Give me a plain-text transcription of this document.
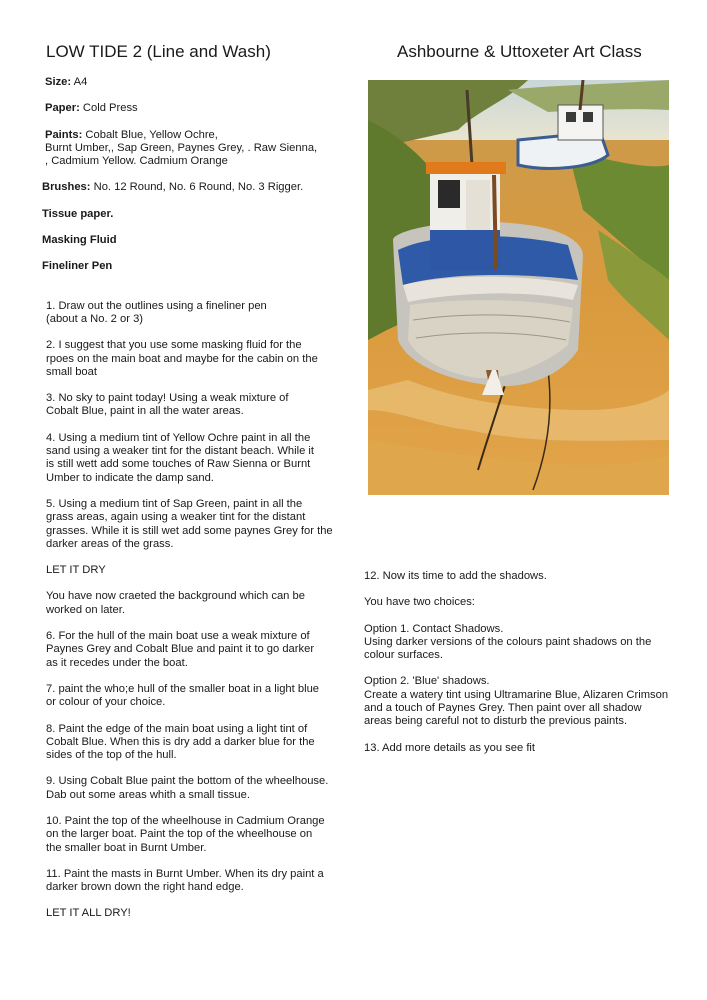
LOW TIDE 2 (Line and Wash)	Ashbourne & Uttoxeter Art Class
Size: A4
Paper: Cold Press
Paints: Cobalt Blue, Yellow Ochre,
Burnt Umber,, Sap Green, Paynes Grey, . Raw Sienna,
, Cadmium Yellow. Cadmium Orange
Brushes: No. 12 Round, No. 6 Round, No. 3 Rigger.
Tissue paper.
Masking Fluid
Fineliner Pen
1. Draw out the outlines using a fineliner pen
(about a No. 2 or 3)
2. I suggest that you use some masking fluid for the
rpoes on the main boat and maybe for the cabin on the
small boat
3. No sky to paint today! Using a weak mixture of
Cobalt Blue, paint in all the water areas.
4. Using a medium tint of Yellow Ochre paint in all the
sand using a weaker tint for the distant beach. While it
is still wett add some touches of Raw Sienna or Burnt
Umber to indicate the damp sand.
5. Using a medium tint of Sap Green, paint in all the
grass areas, again using a weaker tint for the distant
grasses. While it is still wet add some paynes Grey for the
darker areas of the grass.
LET IT DRY
You have now craeted the background which can be
worked on later.
6. For the hull of the main boat use a weak mixture of
Paynes Grey and Cobalt Blue and paint it to go darker
as it recedes under the boat.
7. paint the who;e hull of the smaller boat in a light blue
or colour of your choice.
8. Paint the edge of the main boat using a light tint of
Cobalt Blue. When this is dry add a darker blue for the
sides of the top of the hull.
9. Using Cobalt Blue paint the bottom of the wheelhouse.
Dab out some areas whith a small tissue.
10. Paint the top of the wheelhouse in Cadmium Orange
on the larger boat. Paint the top of the wheelhouse on
the smaller boat in Burnt Umber.
11. Paint the masts in Burnt Umber. When its dry paint a
darker brown down the right hand edge.
LET IT ALL DRY!
12. Now its time to add the shadows.
You have two choices:
Option 1. Contact Shadows.
Using darker versions of the colours paint shadows on the
colour surfaces.
Option 2. 'Blue' shadows.
Create a watery tint using Ultramarine Blue, Alizaren Crimson
and a touch of Paynes Grey. Then paint over all shadow
areas being careful not to disturb the previous paints.
13. Add more details as you see fit
